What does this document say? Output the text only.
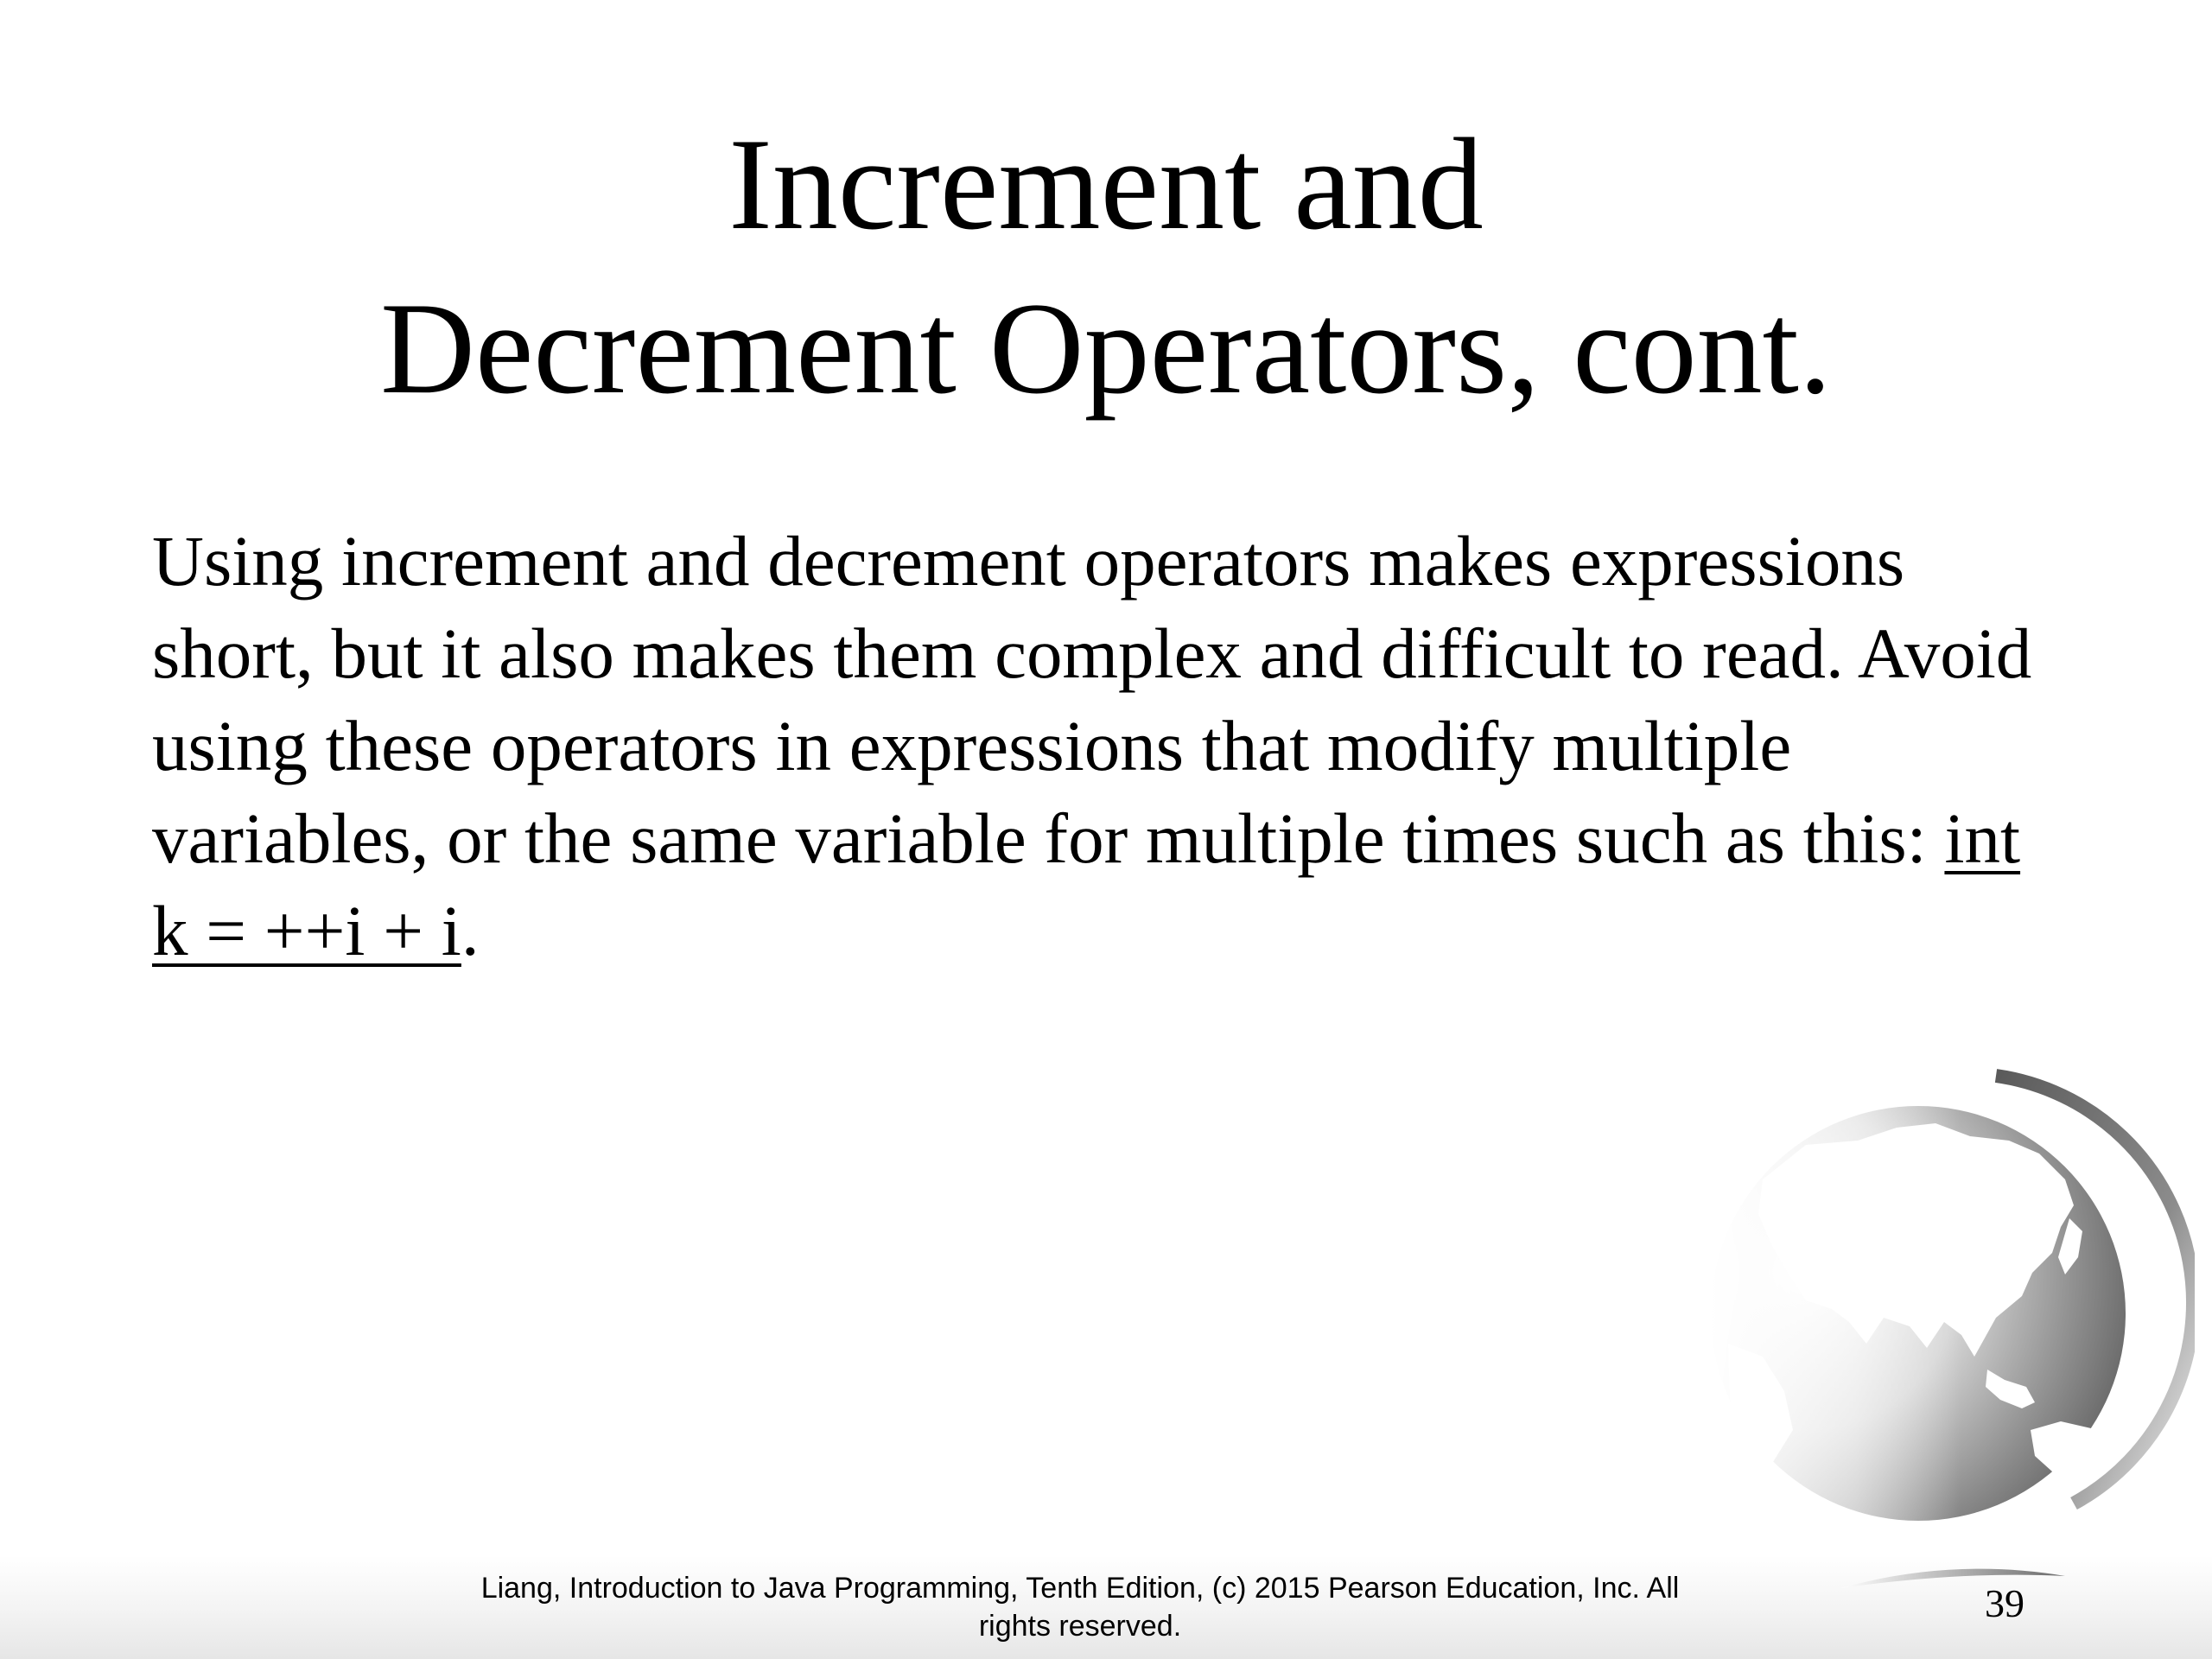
Increment and
Decrement Operators, cont.

Using increment and decrement operators makes expressions short, but it also makes them complex and difficult to read. Avoid using these operators in expressions that modify multiple variables, or the same variable for multiple times such as this: int k = ++i + i.

Liang, Introduction to Java Programming, Tenth Edition, (c) 2015 Pearson Education, Inc. All
rights reserved.
39
